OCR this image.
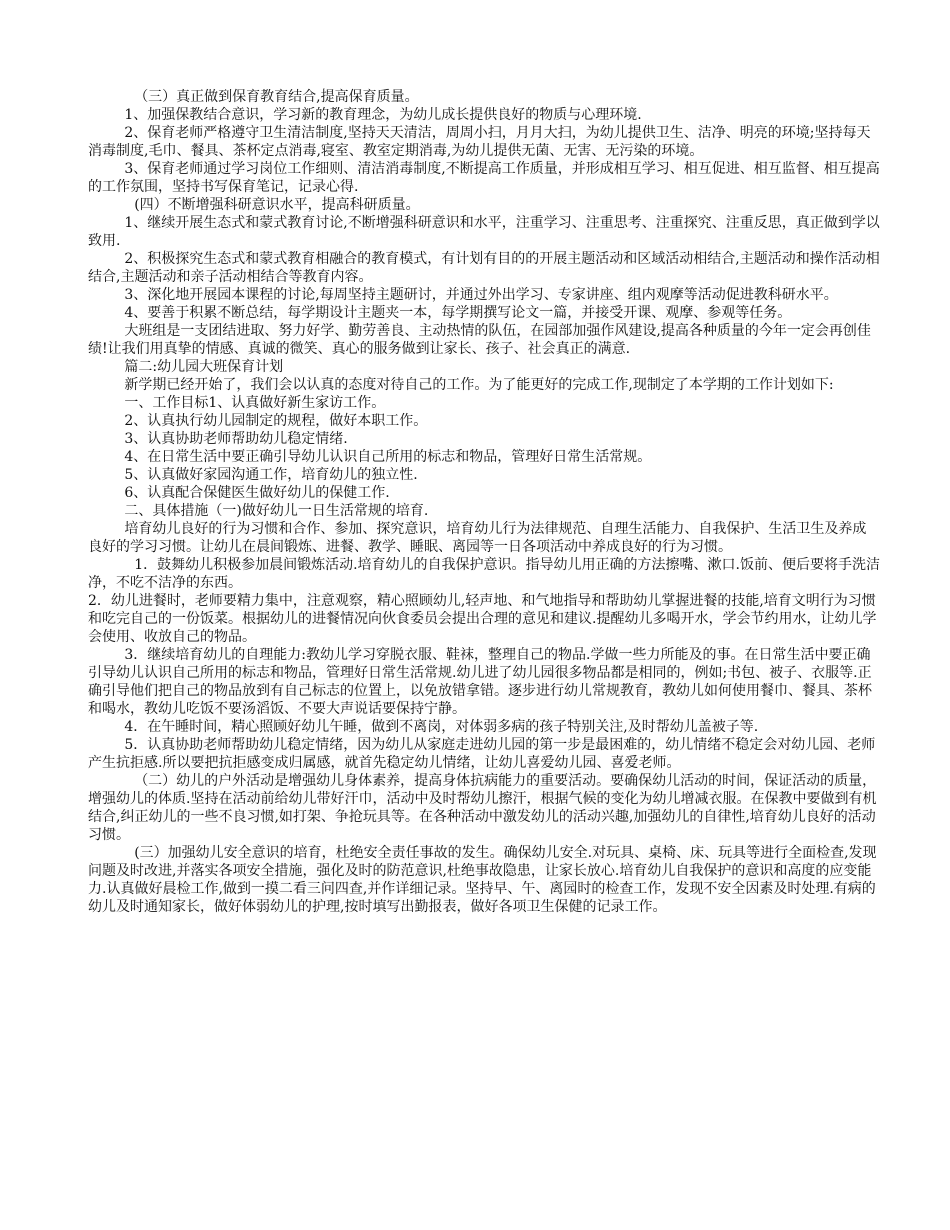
（三）真正做到保育教育结合,提高保育质量。

1、加强保教结合意识，学习新的教育理念，为幼儿成长提供良好的物质与心理环境.

2、保育老师严格遵守卫生清洁制度,坚持天天清洁，周周小扫，月月大扫，为幼儿提供卫生、洁净、明亮的环境;坚持每天消毒制度,毛巾、餐具、茶杯定点消毒,寝室、教室定期消毒,为幼儿提供无菌、无害、无污染的环境。

3、保育老师通过学习岗位工作细则、清洁消毒制度,不断提高工作质量，并形成相互学习、相互促进、相互监督、相互提高的工作氛围，坚持书写保育笔记，记录心得.

(四）不断增强科研意识水平，提高科研质量。

1、继续开展生态式和蒙式教育讨论,不断增强科研意识和水平，注重学习、注重思考、注重探究、注重反思，真正做到学以致用.

2、积极探究生态式和蒙式教育相融合的教育模式，有计划有目的的开展主题活动和区域活动相结合,主题活动和操作活动相结合,主题活动和亲子活动相结合等教育内容。

3、深化地开展园本课程的讨论,每周坚持主题研讨，并通过外出学习、专家讲座、组内观摩等活动促进教科研水平。

4、要善于积累不断总结，每学期设计主题夹一本，每学期撰写论文一篇，并接受开课、观摩、参观等任务。

大班组是一支团结进取、努力好学、勤劳善良、主动热情的队伍，在园部加强作风建设,提高各种质量的今年一定会再创佳绩!让我们用真挚的情感、真诚的微笑、真心的服务做到让家长、孩子、社会真正的满意.

篇二:幼儿园大班保育计划

新学期已经开始了，我们会以认真的态度对待自己的工作。为了能更好的完成工作,现制定了本学期的工作计划如下:

一、工作目标1、认真做好新生家访工作。

2、认真执行幼儿园制定的规程，做好本职工作。

3、认真协助老师帮助幼儿稳定情绪.

4、在日常生活中要正确引导幼儿认识自己所用的标志和物品，管理好日常生活常规。

5、认真做好家园沟通工作，培育幼儿的独立性.

6、认真配合保健医生做好幼儿的保健工作.

二、具体措施（一)做好幼儿一日生活常规的培育.

培育幼儿良好的行为习惯和合作、参加、探究意识，培育幼儿行为法律规范、自理生活能力、自我保护、生活卫生及养成良好的学习习惯。让幼儿在晨间锻炼、进餐、教学、睡眠、离园等一日各项活动中养成良好的行为习惯。

1．鼓舞幼儿积极参加晨间锻炼活动.培育幼儿的自我保护意识。指导幼儿用正确的方法擦嘴、漱口.饭前、便后要将手洗洁净，不吃不洁净的东西。

2．幼儿进餐时，老师要精力集中，注意观察，精心照顾幼儿,轻声地、和气地指导和帮助幼儿掌握进餐的技能,培育文明行为习惯和吃完自己的一份饭菜。根据幼儿的进餐情况向伙食委员会提出合理的意见和建议.提醒幼儿多喝开水，学会节约用水，让幼儿学会使用、收放自己的物品。

3．继续培育幼儿的自理能力:教幼儿学习穿脱衣服、鞋袜，整理自己的物品.学做一些力所能及的事。在日常生活中要正确引导幼儿认识自己所用的标志和物品，管理好日常生活常规.幼儿进了幼儿园很多物品都是相同的，例如;书包、被子、衣服等.正确引导他们把自己的物品放到有自己标志的位置上，以免放错拿错。逐步进行幼儿常规教育，教幼儿如何使用餐巾、餐具、茶杯和喝水，教幼儿吃饭不要汤滔饭、不要大声说话要保持宁静。

4．在午睡时间，精心照顾好幼儿午睡，做到不离岗，对体弱多病的孩子特别关注,及时帮幼儿盖被子等.

5．认真协助老师帮助幼儿稳定情绪，因为幼儿从家庭走进幼儿园的第一步是最困难的，幼儿情绪不稳定会对幼儿园、老师产生抗拒感.所以要把抗拒感变成归属感，就首先稳定幼儿情绪，让幼儿喜爱幼儿园、喜爱老师。

（二）幼儿的户外活动是增强幼儿身体素养，提高身体抗病能力的重要活动。要确保幼儿活动的时间，保证活动的质量，增强幼儿的体质.坚持在活动前给幼儿带好汗巾，活动中及时帮幼儿擦汗，根据气候的变化为幼儿增减衣服。在保教中要做到有机结合,纠正幼儿的一些不良习惯,如打架、争抢玩具等。在各种活动中激发幼儿的活动兴趣,加强幼儿的自律性,培育幼儿良好的活动习惯。

(三）加强幼儿安全意识的培育，杜绝安全责任事故的发生。确保幼儿安全.对玩具、桌椅、床、玩具等进行全面检查,发现问题及时改进,并落实各项安全措施，强化及时的防范意识,杜绝事故隐患，让家长放心.培育幼儿自我保护的意识和高度的应变能力.认真做好晨检工作,做到一摸二看三问四查,并作详细记录。坚持早、午、离园时的检查工作，发现不安全因素及时处理.有病的幼儿及时通知家长，做好体弱幼儿的护理,按时填写出勤报表，做好各项卫生保健的记录工作。
